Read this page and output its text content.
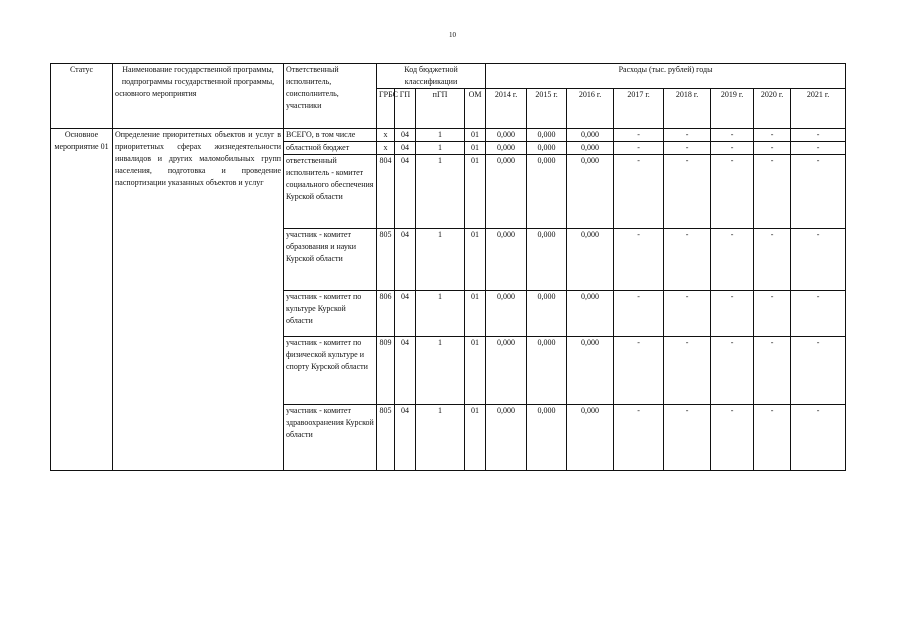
10
Статус	Наименование государственной программы, подпрограммы государственной программы, основного мероприятия	Ответственный исполнитель, соисполнитель, участники	Код бюджетной классификации				Расходы (тыс. рублей) годы							
			ГРБС	ГП	пГП	ОМ	2014 г.	2015 г.	2016 г.	2017 г.	2018 г.	2019 г.	2020 г.	2021 г.
Основное мероприятие 01	Определение приоритетных объектов и услуг в приоритетных сферах жизнедеятельности инвалидов и других маломобильных групп населения, подготовка и проведение паспортизации указанных объектов и услуг	ВСЕГО, в том числе	x	04	1	01	0,000	0,000	0,000	-	-	-	-	-
		областной бюджет	x	04	1	01	0,000	0,000	0,000	-	-	-	-	-
		ответственный исполнитель - комитет социального обеспечения Курской области	804	04	1	01	0,000	0,000	0,000	-	-	-	-	-
		участник - комитет образования и науки Курской области	805	04	1	01	0,000	0,000	0,000	-	-	-	-	-
		участник - комитет по культуре Курской области	806	04	1	01	0,000	0,000	0,000	-	-	-	-	-
		участник - комитет по физической культуре и спорту Курской области	809	04	1	01	0,000	0,000	0,000	-	-	-	-	-
		участник - комитет здравоохранения Курской области	805	04	1	01	0,000	0,000	0,000	-	-	-	-	-
